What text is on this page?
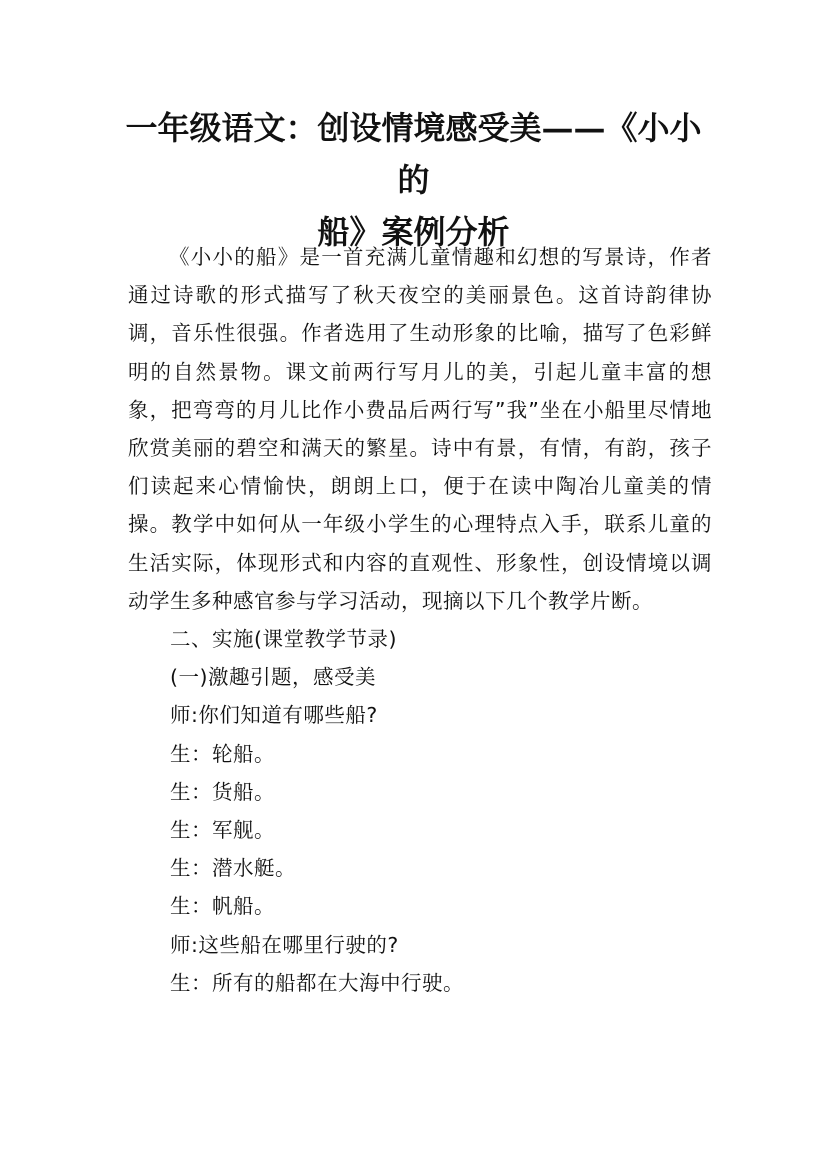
一年级语文：创设情境感受美——《小小的
船》案例分析

《小小的船》是一首充满儿童情趣和幻想的写景诗，作者通过诗歌的形式描写了秋天夜空的美丽景色。这首诗韵律协调，音乐性很强。作者选用了生动形象的比喻，描写了色彩鲜明的自然景物。课文前两行写月儿的美，引起儿童丰富的想象，把弯弯的月儿比作小费品后两行写”我”坐在小船里尽情地欣赏美丽的碧空和满天的繁星。诗中有景，有情，有韵，孩子们读起来心情愉快，朗朗上口，便于在读中陶冶儿童美的情操。教学中如何从一年级小学生的心理特点入手，联系儿童的生活实际，体现形式和内容的直观性、形象性，创设情境以调动学生多种感官参与学习活动，现摘以下几个教学片断。

二、实施(课堂教学节录)

(一)激趣引题，感受美

师:你们知道有哪些船?

生：轮船。

生：货船。

生：军舰。

生：潜水艇。

生：帆船。

师:这些船在哪里行驶的?

生：所有的船都在大海中行驶。
